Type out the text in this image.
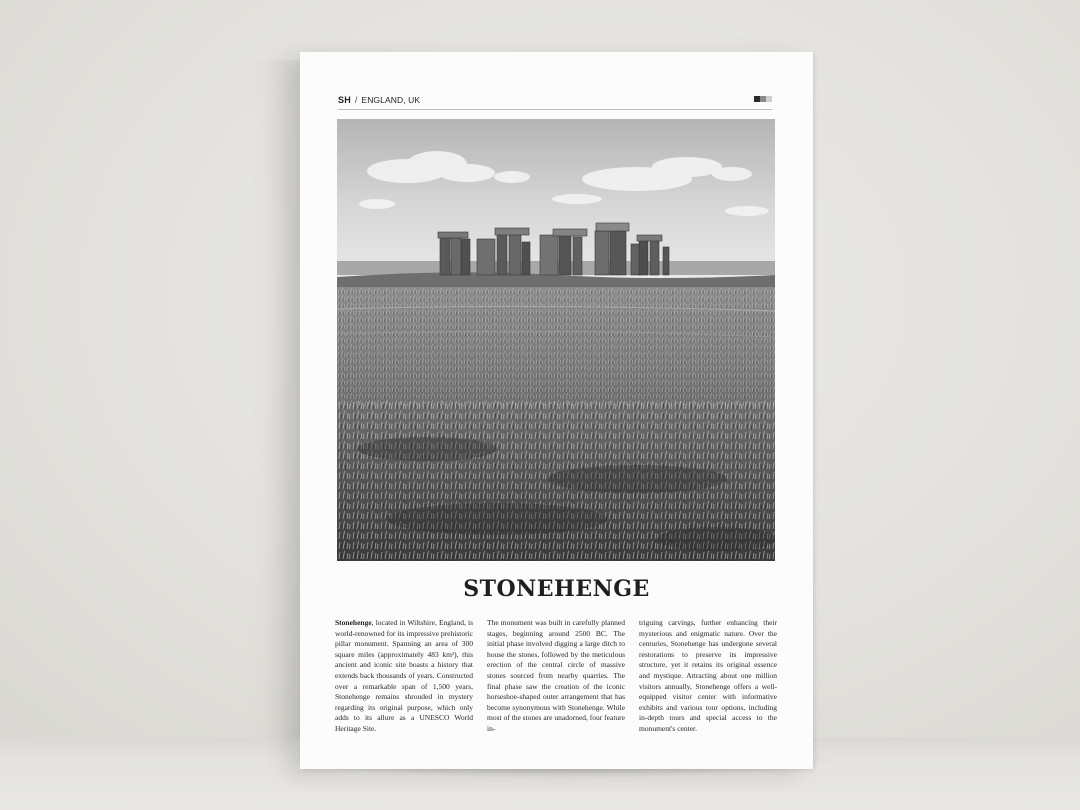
SH / ENGLAND, UK
STONEHENGE
Stonehenge, located in Wiltshire, England, is world-renowned for its impressive prehistoric pillar monument. Spanning an area of 300 square miles (approximately 483 km²), this ancient and iconic site boasts a history that extends back thousands of years. Constructed over a remarkable span of 1,500 years, Stonehenge remains shrouded in mystery regarding its original purpose, which only adds to its allure as a UNESCO World Heritage Site.
The monument was built in carefully planned stages, beginning around 2500 BC. The initial phase involved digging a large ditch to house the stones, followed by the meticulous erection of the central circle of massive stones sourced from nearby quarries. The final phase saw the creation of the iconic horseshoe-shaped outer arrangement that has become synonymous with Stonehenge. While most of the stones are unadorned, four feature in-
triguing carvings, further enhancing their mysterious and enigmatic nature. Over the centuries, Stonehenge has undergone several restorations to preserve its impressive structure, yet it retains its original essence and mystique. Attracting about one million visitors annually, Stonehenge offers a well-equipped visitor center with informative exhibits and various tour options, including in-depth tours and special access to the monument's center.
